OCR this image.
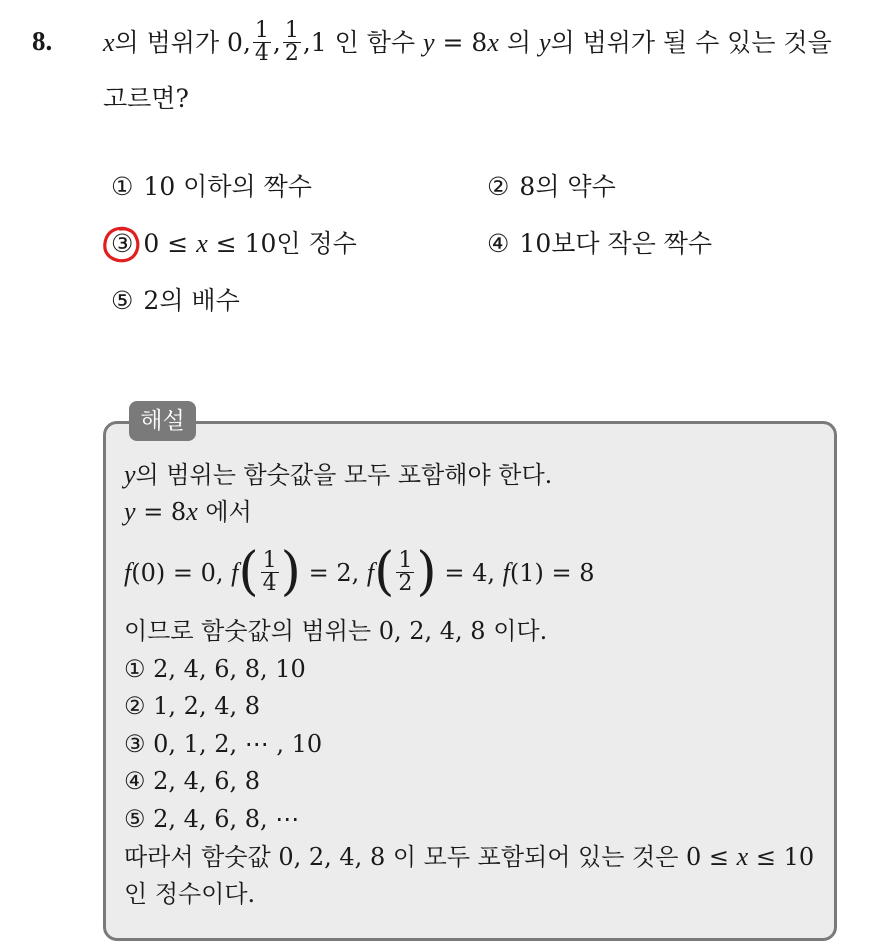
8. x의 범위가 0, $\frac{1}{4}$ , $\frac{1}{2} ,1$ 인 함수 y = 8x 의 y의 범위가 될 수 있는 것을
고르면?
① 10 이하의 짝수	② 8의 약수
③ 0 ≤ x ≤ 10인 정수	④ 10보다 작은 짝수
⑤ 2의 배수
해설
y의 범위는 함숫값을 모두 포함해야 한다.
y = 8x 에서
f(0) = 0, $f( \frac{1}{4}$ ) = 2, $f( \frac{1}{2}$ ) = 4, f(1) = 8
이므로 함숫값의 범위는 0, 2, 4, 8 이다.
① 2, 4, 6, 8, 10
② 1, 2, 4, 8
③ 0, 1, 2, ⋯ , 10
④ 2, 4, 6, 8
⑤ 2, 4, 6, 8, ⋯
따라서 함숫값 0, 2, 4, 8 이 모두 포함되어 있는 것은 0 ≤ x ≤ 10
인 정수이다.
